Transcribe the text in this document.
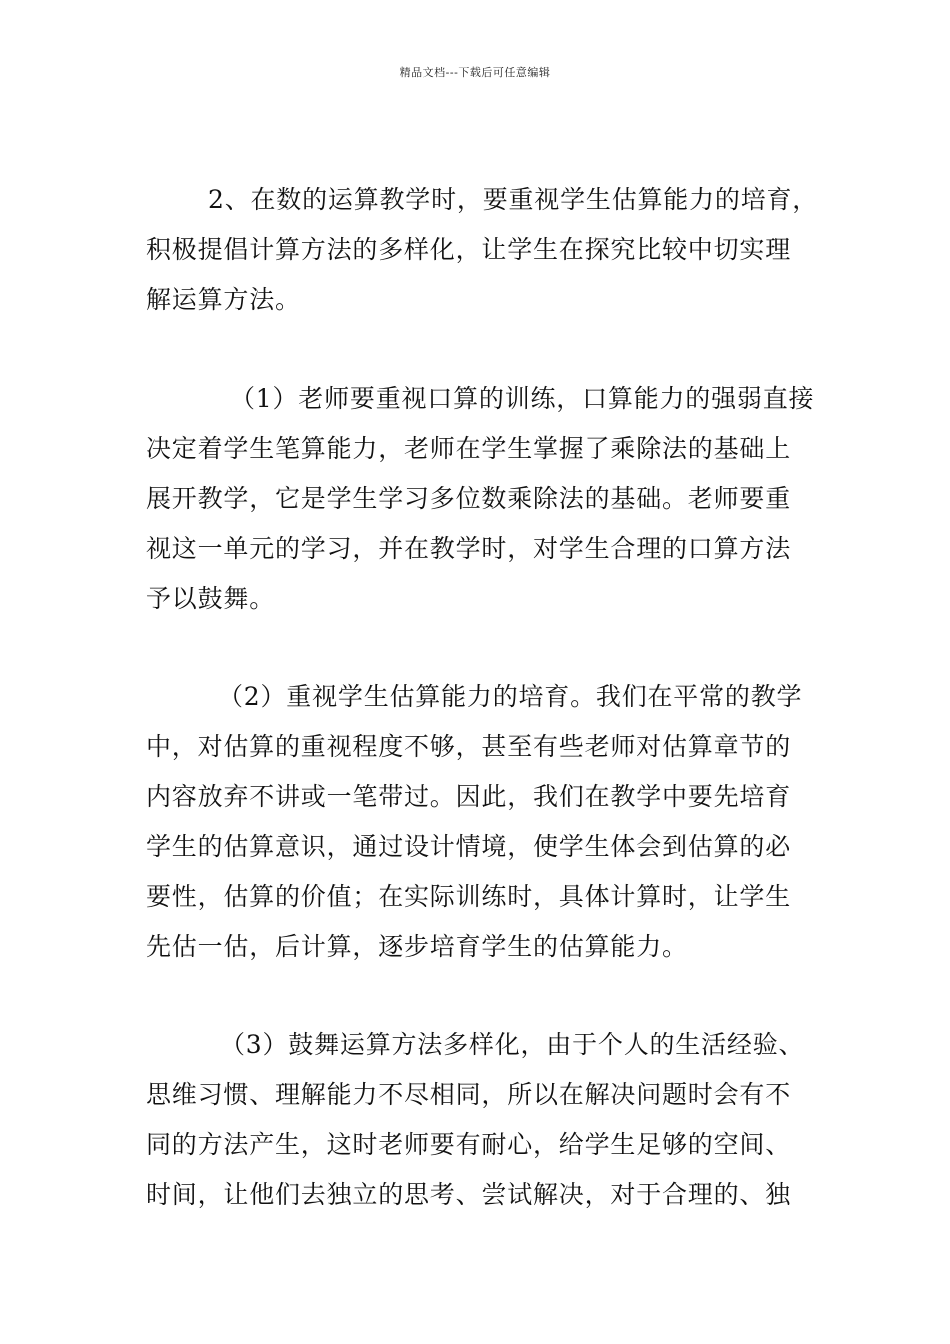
精品文档---下载后可任意编辑

2、在数的运算教学时，要重视学生估算能力的培育，
积极提倡计算方法的多样化，让学生在探究比较中切实理
解运算方法。

（1）老师要重视口算的训练，口算能力的强弱直接
决定着学生笔算能力，老师在学生掌握了乘除法的基础上
展开教学，它是学生学习多位数乘除法的基础。老师要重
视这一单元的学习，并在教学时，对学生合理的口算方法
予以鼓舞。

（2）重视学生估算能力的培育。我们在平常的教学
中，对估算的重视程度不够，甚至有些老师对估算章节的
内容放弃不讲或一笔带过。因此，我们在教学中要先培育
学生的估算意识，通过设计情境，使学生体会到估算的必
要性，估算的价值；在实际训练时，具体计算时，让学生
先估一估，后计算，逐步培育学生的估算能力。

（3）鼓舞运算方法多样化，由于个人的生活经验、
思维习惯、理解能力不尽相同，所以在解决问题时会有不
同的方法产生，这时老师要有耐心，给学生足够的空间、
时间，让他们去独立的思考、尝试解决，对于合理的、独
